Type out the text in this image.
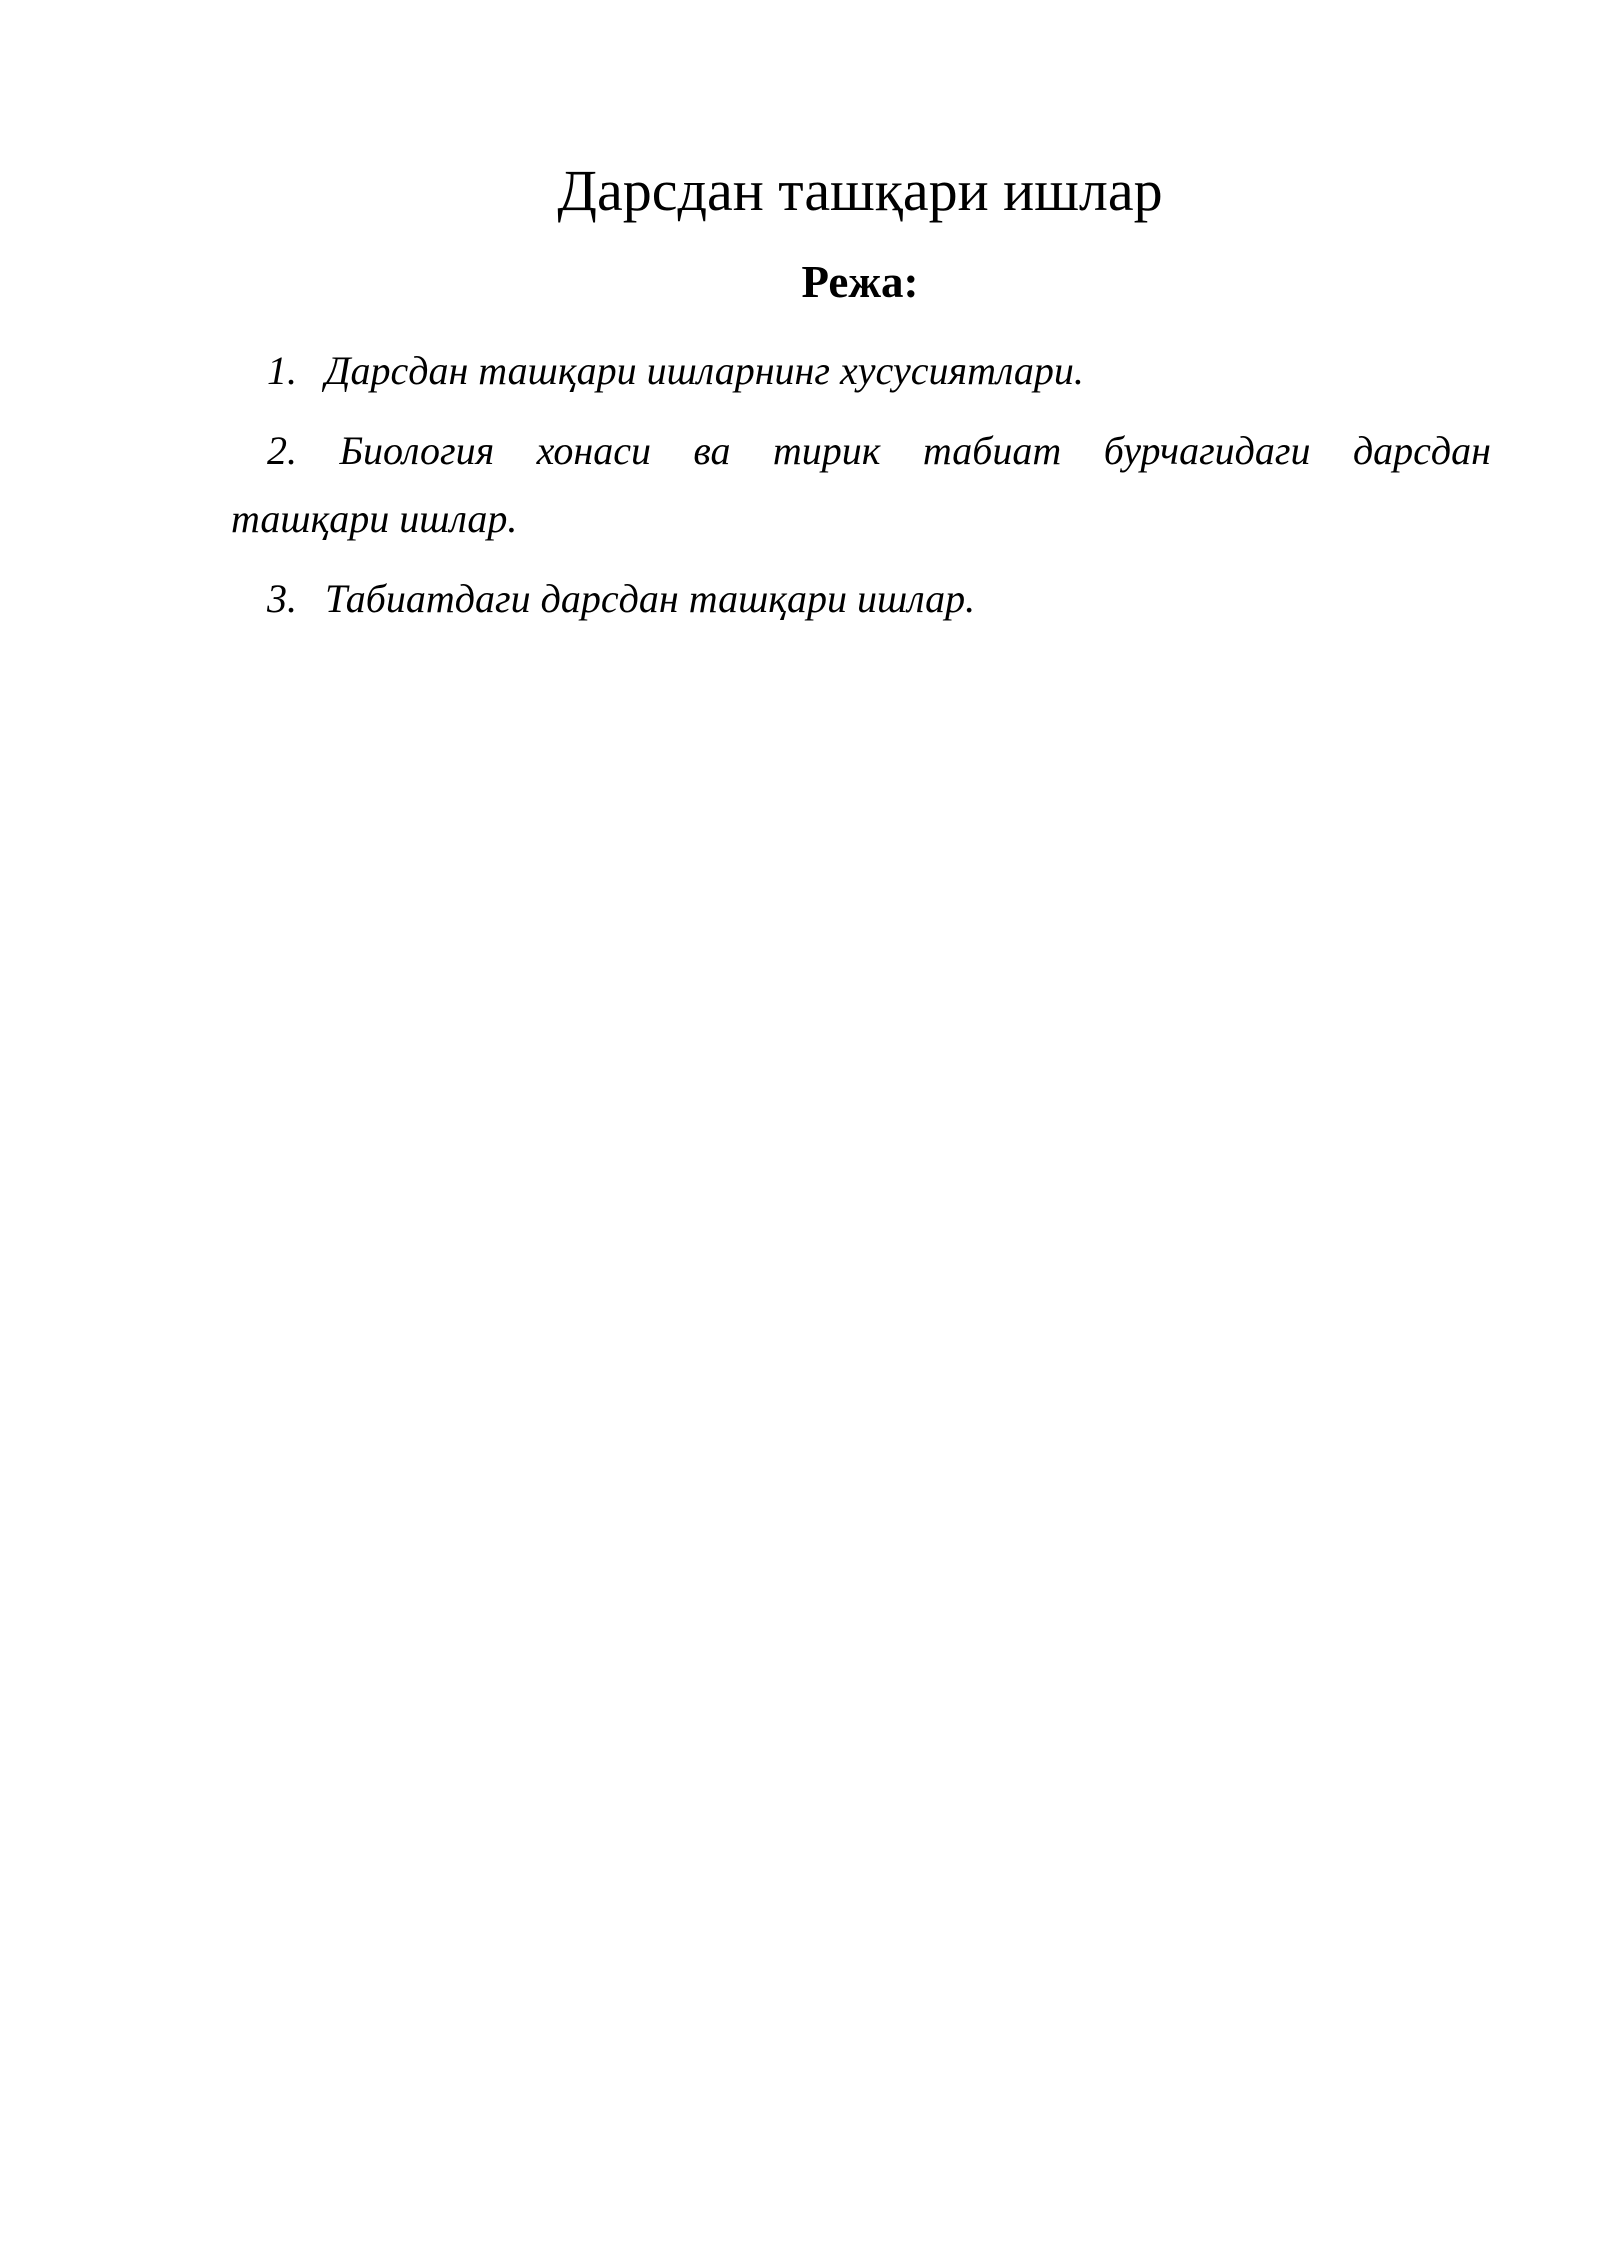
Дарсдан ташқари ишлар
Режа:
1. Дарсдан ташқари ишларнинг хусусиятлари.
2. Биология хонаси ва тирик табиат бурчагидаги дарсдан
ташқари ишлар.
3. Табиатдаги дарсдан ташқари ишлар.
